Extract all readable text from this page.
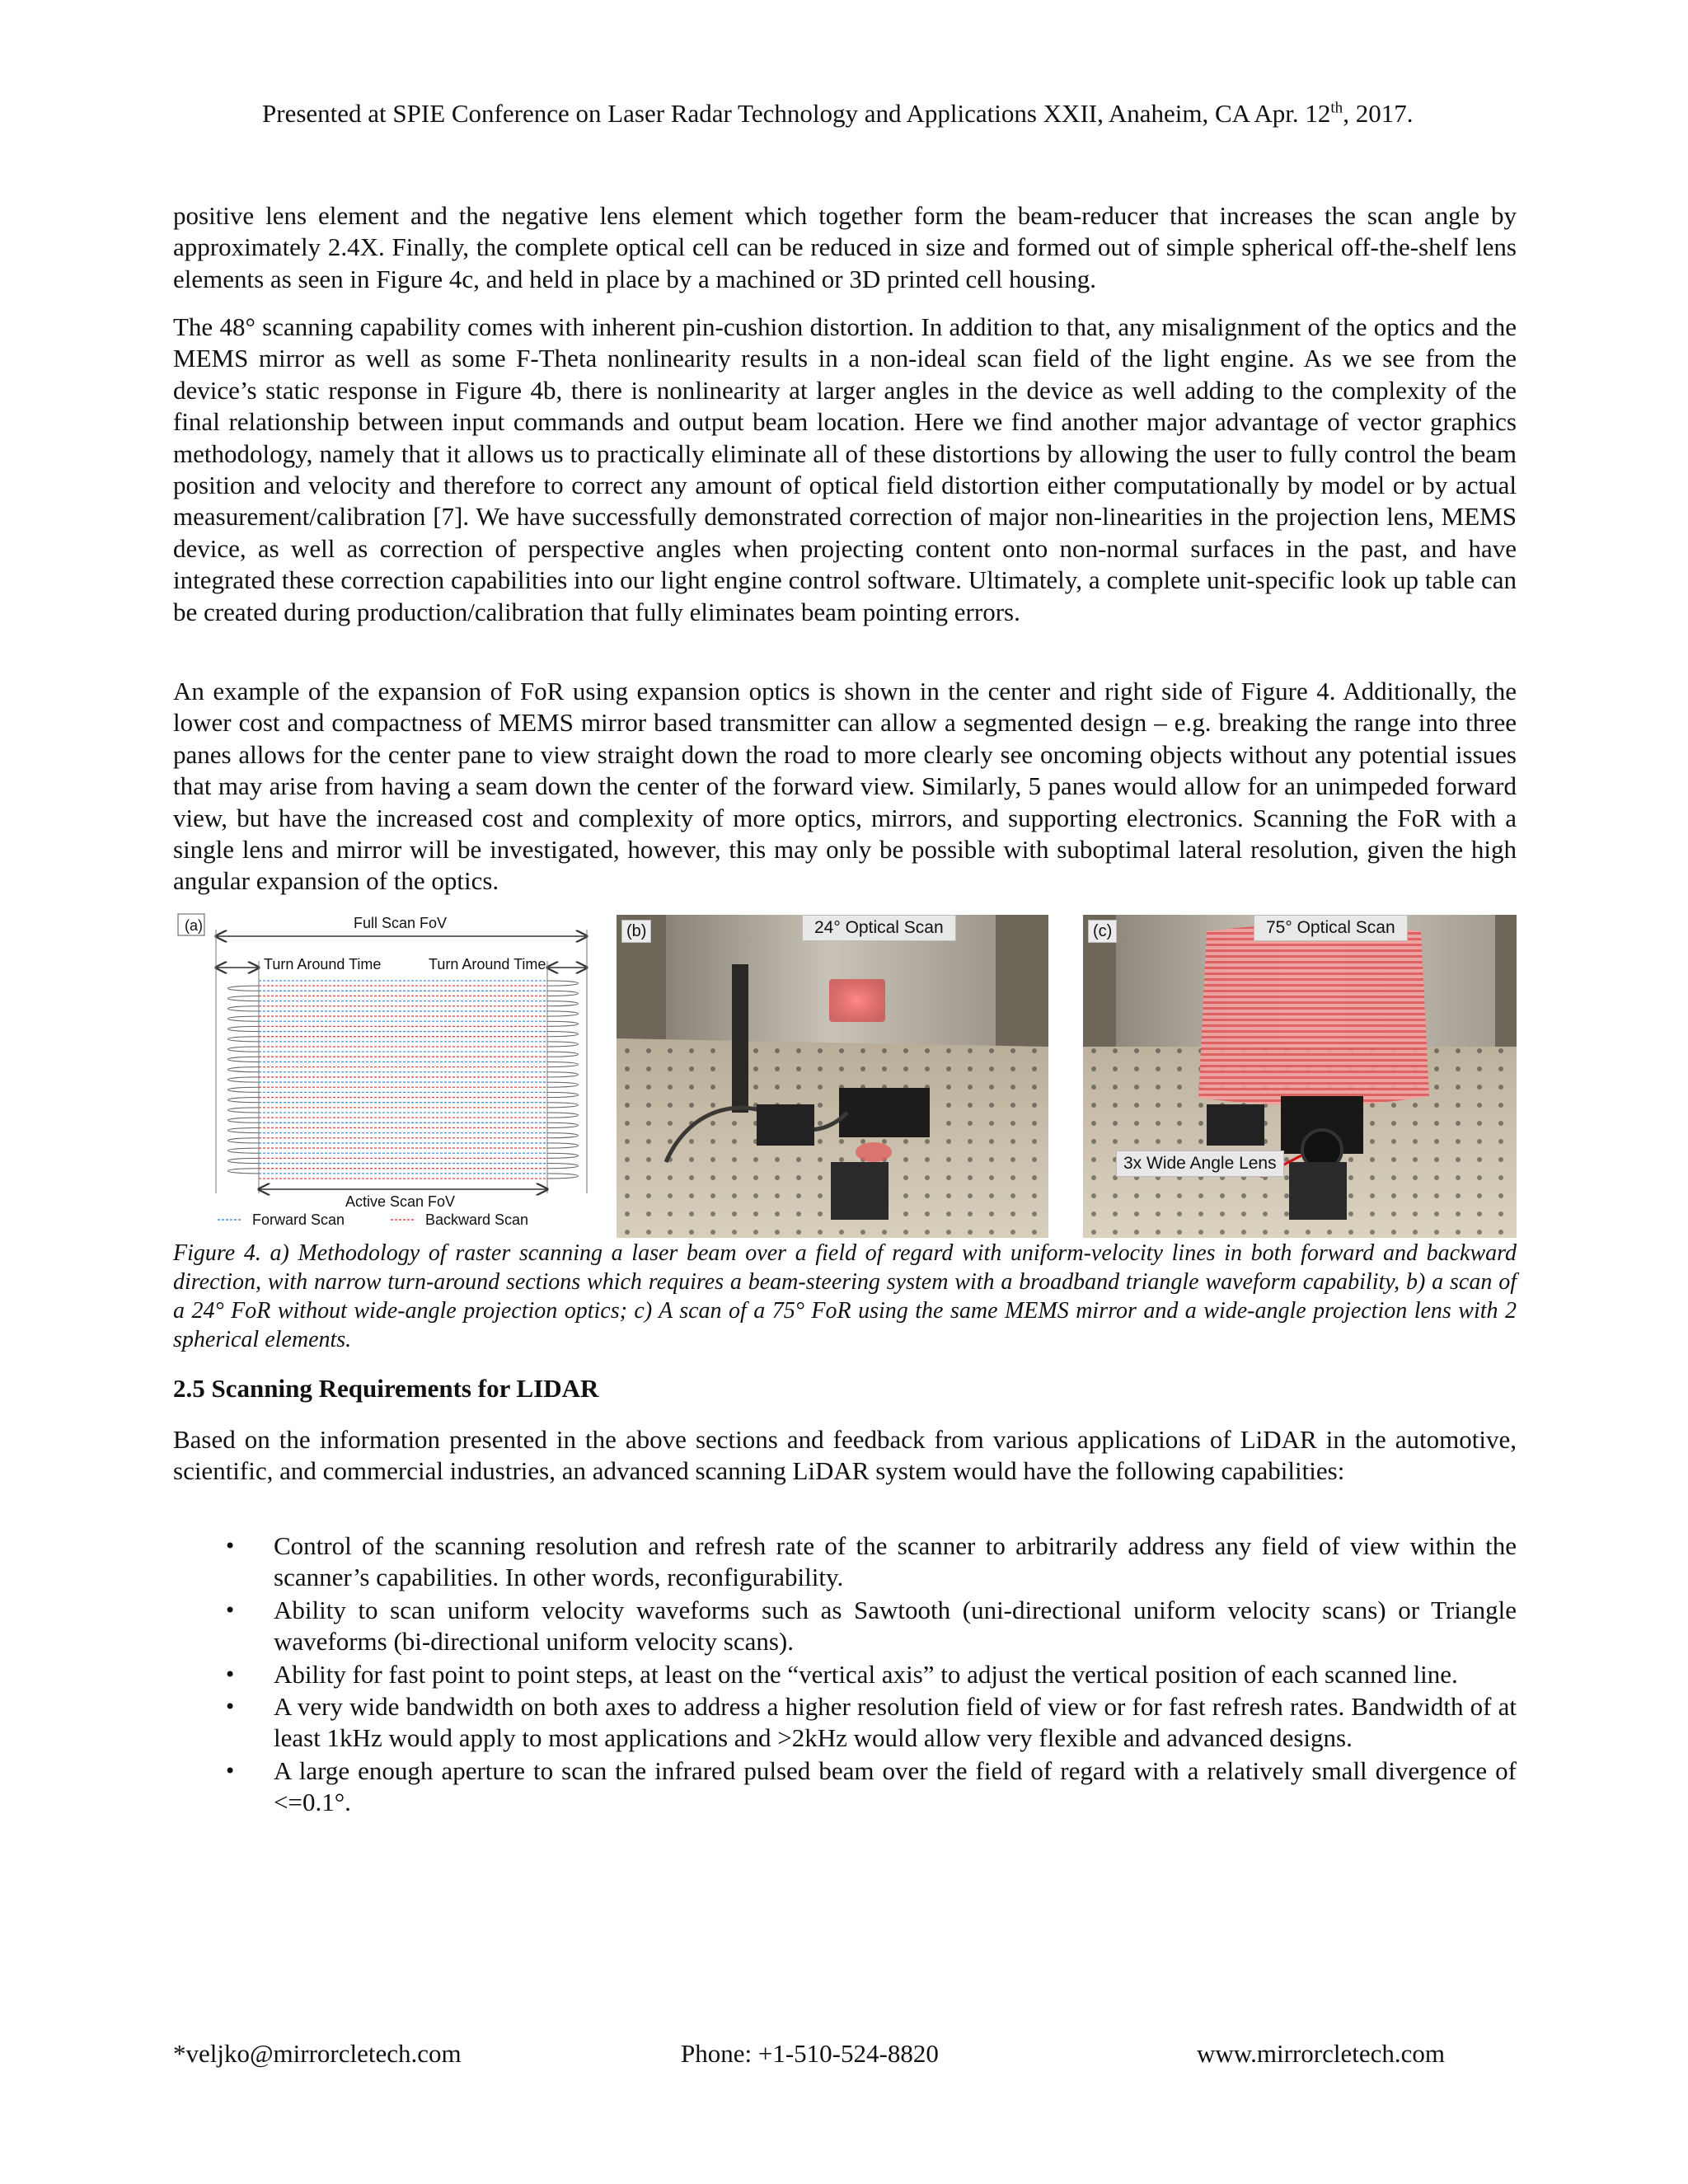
Presented at SPIE Conference on Laser Radar Technology and Applications XXII, Anaheim, CA Apr. 12th, 2017.

positive lens element and the negative lens element which together form the beam-reducer that increases the scan angle by approximately 2.4X. Finally, the complete optical cell can be reduced in size and formed out of simple spherical off-the-shelf lens elements as seen in Figure 4c, and held in place by a machined or 3D printed cell housing.

The 48° scanning capability comes with inherent pin-cushion distortion. In addition to that, any misalignment of the optics and the MEMS mirror as well as some F-Theta nonlinearity results in a non-ideal scan field of the light engine. As we see from the device’s static response in Figure 4b, there is nonlinearity at larger angles in the device as well adding to the complexity of the final relationship between input commands and output beam location. Here we find another major advantage of vector graphics methodology, namely that it allows us to practically eliminate all of these distortions by allowing the user to fully control the beam position and velocity and therefore to correct any amount of optical field distortion either computationally by model or by actual measurement/calibration [7]. We have successfully demonstrated correction of major non-linearities in the projection lens, MEMS device, as well as correction of perspective angles when projecting content onto non-normal surfaces in the past, and have integrated these correction capabilities into our light engine control software. Ultimately, a complete unit-specific look up table can be created during production/calibration that fully eliminates beam pointing errors.

An example of the expansion of FoR using expansion optics is shown in the center and right side of Figure 4. Additionally, the lower cost and compactness of MEMS mirror based transmitter can allow a segmented design – e.g. breaking the range into three panes allows for the center pane to view straight down the road to more clearly see oncoming objects without any potential issues that may arise from having a seam down the center of the forward view. Similarly, 5 panes would allow for an unimpeded forward view, but have the increased cost and complexity of more optics, mirrors, and supporting electronics. Scanning the FoR with a single lens and mirror will be investigated, however, this may only be possible with suboptimal lateral resolution, given the high angular expansion of the optics.

(a)	Full Scan FoV
Turn Around Time	Turn Around Time
Active Scan FoV
Forward Scan	Backward Scan
(b)	24° Optical Scan	(c)	75° Optical Scan
3x Wide Angle Lens

Figure 4. a) Methodology of raster scanning a laser beam over a field of regard with uniform-velocity lines in both forward and backward direction, with narrow turn-around sections which requires a beam-steering system with a broadband triangle waveform capability, b) a scan of a 24° FoR without wide-angle projection optics; c) A scan of a 75° FoR using the same MEMS mirror and a wide-angle projection lens with 2 spherical elements.

2.5 Scanning Requirements for LIDAR

Based on the information presented in the above sections and feedback from various applications of LiDAR in the automotive, scientific, and commercial industries, an advanced scanning LiDAR system would have the following capabilities:

• Control of the scanning resolution and refresh rate of the scanner to arbitrarily address any field of view within the scanner’s capabilities. In other words, reconfigurability.
• Ability to scan uniform velocity waveforms such as Sawtooth (uni-directional uniform velocity scans) or Triangle waveforms (bi-directional uniform velocity scans).
• Ability for fast point to point steps, at least on the “vertical axis” to adjust the vertical position of each scanned line.
• A very wide bandwidth on both axes to address a higher resolution field of view or for fast refresh rates. Bandwidth of at least 1kHz would apply to most applications and >2kHz would allow very flexible and advanced designs.
• A large enough aperture to scan the infrared pulsed beam over the field of regard with a relatively small divergence of <=0.1°.
*veljko@mirrorcletech.com	Phone: +1-510-524-8820	www.mirrorcletech.com
